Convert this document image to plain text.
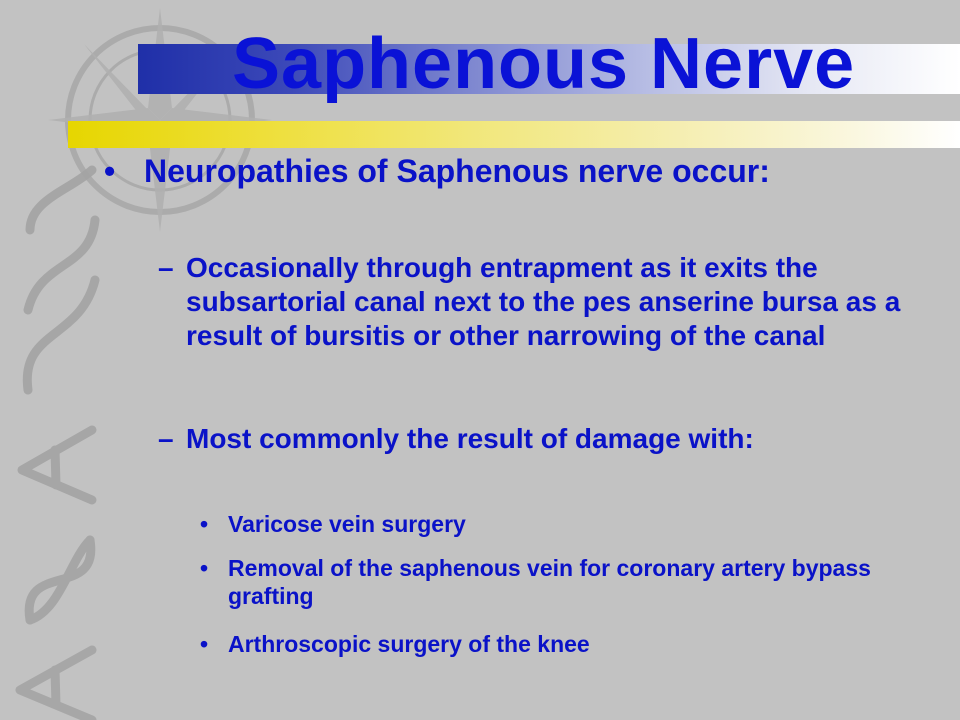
Saphenous Nerve
• Neuropathies of Saphenous nerve occur:
– Occasionally through entrapment as it exits the subsartorial canal next to the pes anserine bursa as a result of bursitis or other narrowing of the canal
– Most commonly the result of damage with:
• Varicose vein surgery
• Removal of the saphenous vein for coronary artery bypass grafting
• Arthroscopic surgery of the knee
